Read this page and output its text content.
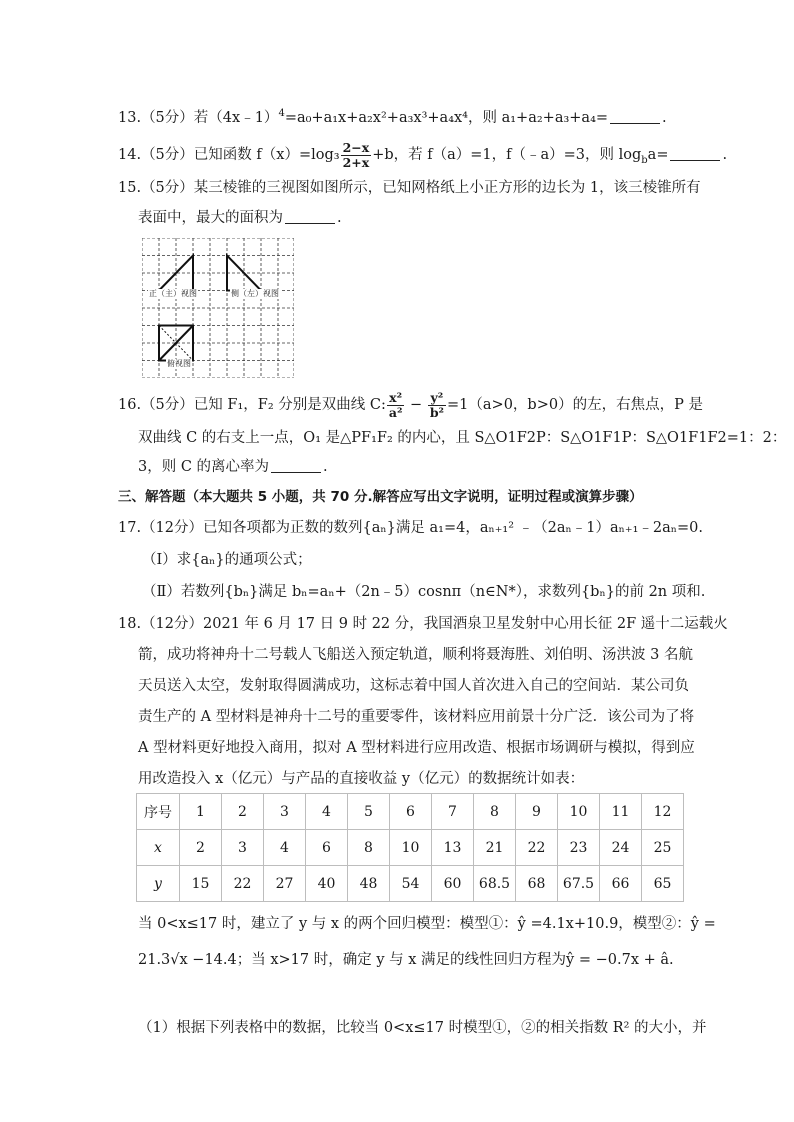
13.（5分）若（4x﹣1）$^4$=a₀+a₁x+a₂x²+a₃x³+a₄x⁴，则 a₁+a₂+a₃+a₄=	.
14.（5分）已知函数 $f(x)=\log_3 \frac{2-x}{2+x} +b$，若 f（a）=1，f（﹣a）=3，则 $\log_ba=$	.
15.（5分）某三棱锥的三视图如图所示，已知网格纸上小正方形的边长为 1，该三棱锥所有
表面中，最大的面积为	.
正（主）视图	侧（左）视图
俯视图
16.（5分）已知 F₁，F₂ 分别是双曲线 C: $\frac{\text{x²}}{\text{a²}} - \frac{\text{y²}}{\text{b²}} =1(a>0$，b>0）的左，右焦点，P 是
双曲线 C 的右支上一点，O₁ 是△PF₁F₂ 的内心，且 S△O1F2P：S△O1F1P：S△O1F1F2=1：2：
3，则 C 的离心率为	.
三、解答题（本大题共 5 小题，共 70 分.解答应写出文字说明，证明过程或演算步骤）
17.（12分）已知各项都为正数的数列{aₙ}满足 a₁=4，aₙ₊₁² ﹣（2aₙ﹣1）aₙ₊₁﹣2aₙ=0.
（Ⅰ）求{aₙ}的通项公式；
（Ⅱ）若数列{bₙ}满足 bₙ=aₙ+（2n﹣5）cosnπ（n∈N*），求数列{bₙ}的前 2n 项和.
18.（12分）2021 年 6 月 17 日 9 时 22 分，我国酒泉卫星发射中心用长征 2F 遥十二运载火
箭，成功将神舟十二号载人飞船送入预定轨道，顺利将聂海胜、刘伯明、汤洪波 3 名航
天员送入太空，发射取得圆满成功，这标志着中国人首次进入自己的空间站．某公司负
责生产的 A 型材料是神舟十二号的重要零件，该材料应用前景十分广泛．该公司为了将
A 型材料更好地投入商用，拟对 A 型材料进行应用改造、根据市场调研与模拟，得到应
用改造投入 x（亿元）与产品的直接收益 y（亿元）的数据统计如表：
序号	1	2	3	4	5	6	7	8	9	10	11	12
x	2	3	4	6	8	10	13	21	22	23	24	25
y	15	22	27	40	48	54	60	68.5	68	67.5	66	65
当 0<x≤17 时，建立了 y 与 x 的两个回归模型：模型①：ŷ =4.1x+10.9，模型②：ŷ =
21.3√x −14.4；当 x>17 时，确定 y 与 x 满足的线性回归方程为ŷ = −0.7x + â.
（1）根据下列表格中的数据，比较当 0<x≤17 时模型①，②的相关指数 R² 的大小，并
